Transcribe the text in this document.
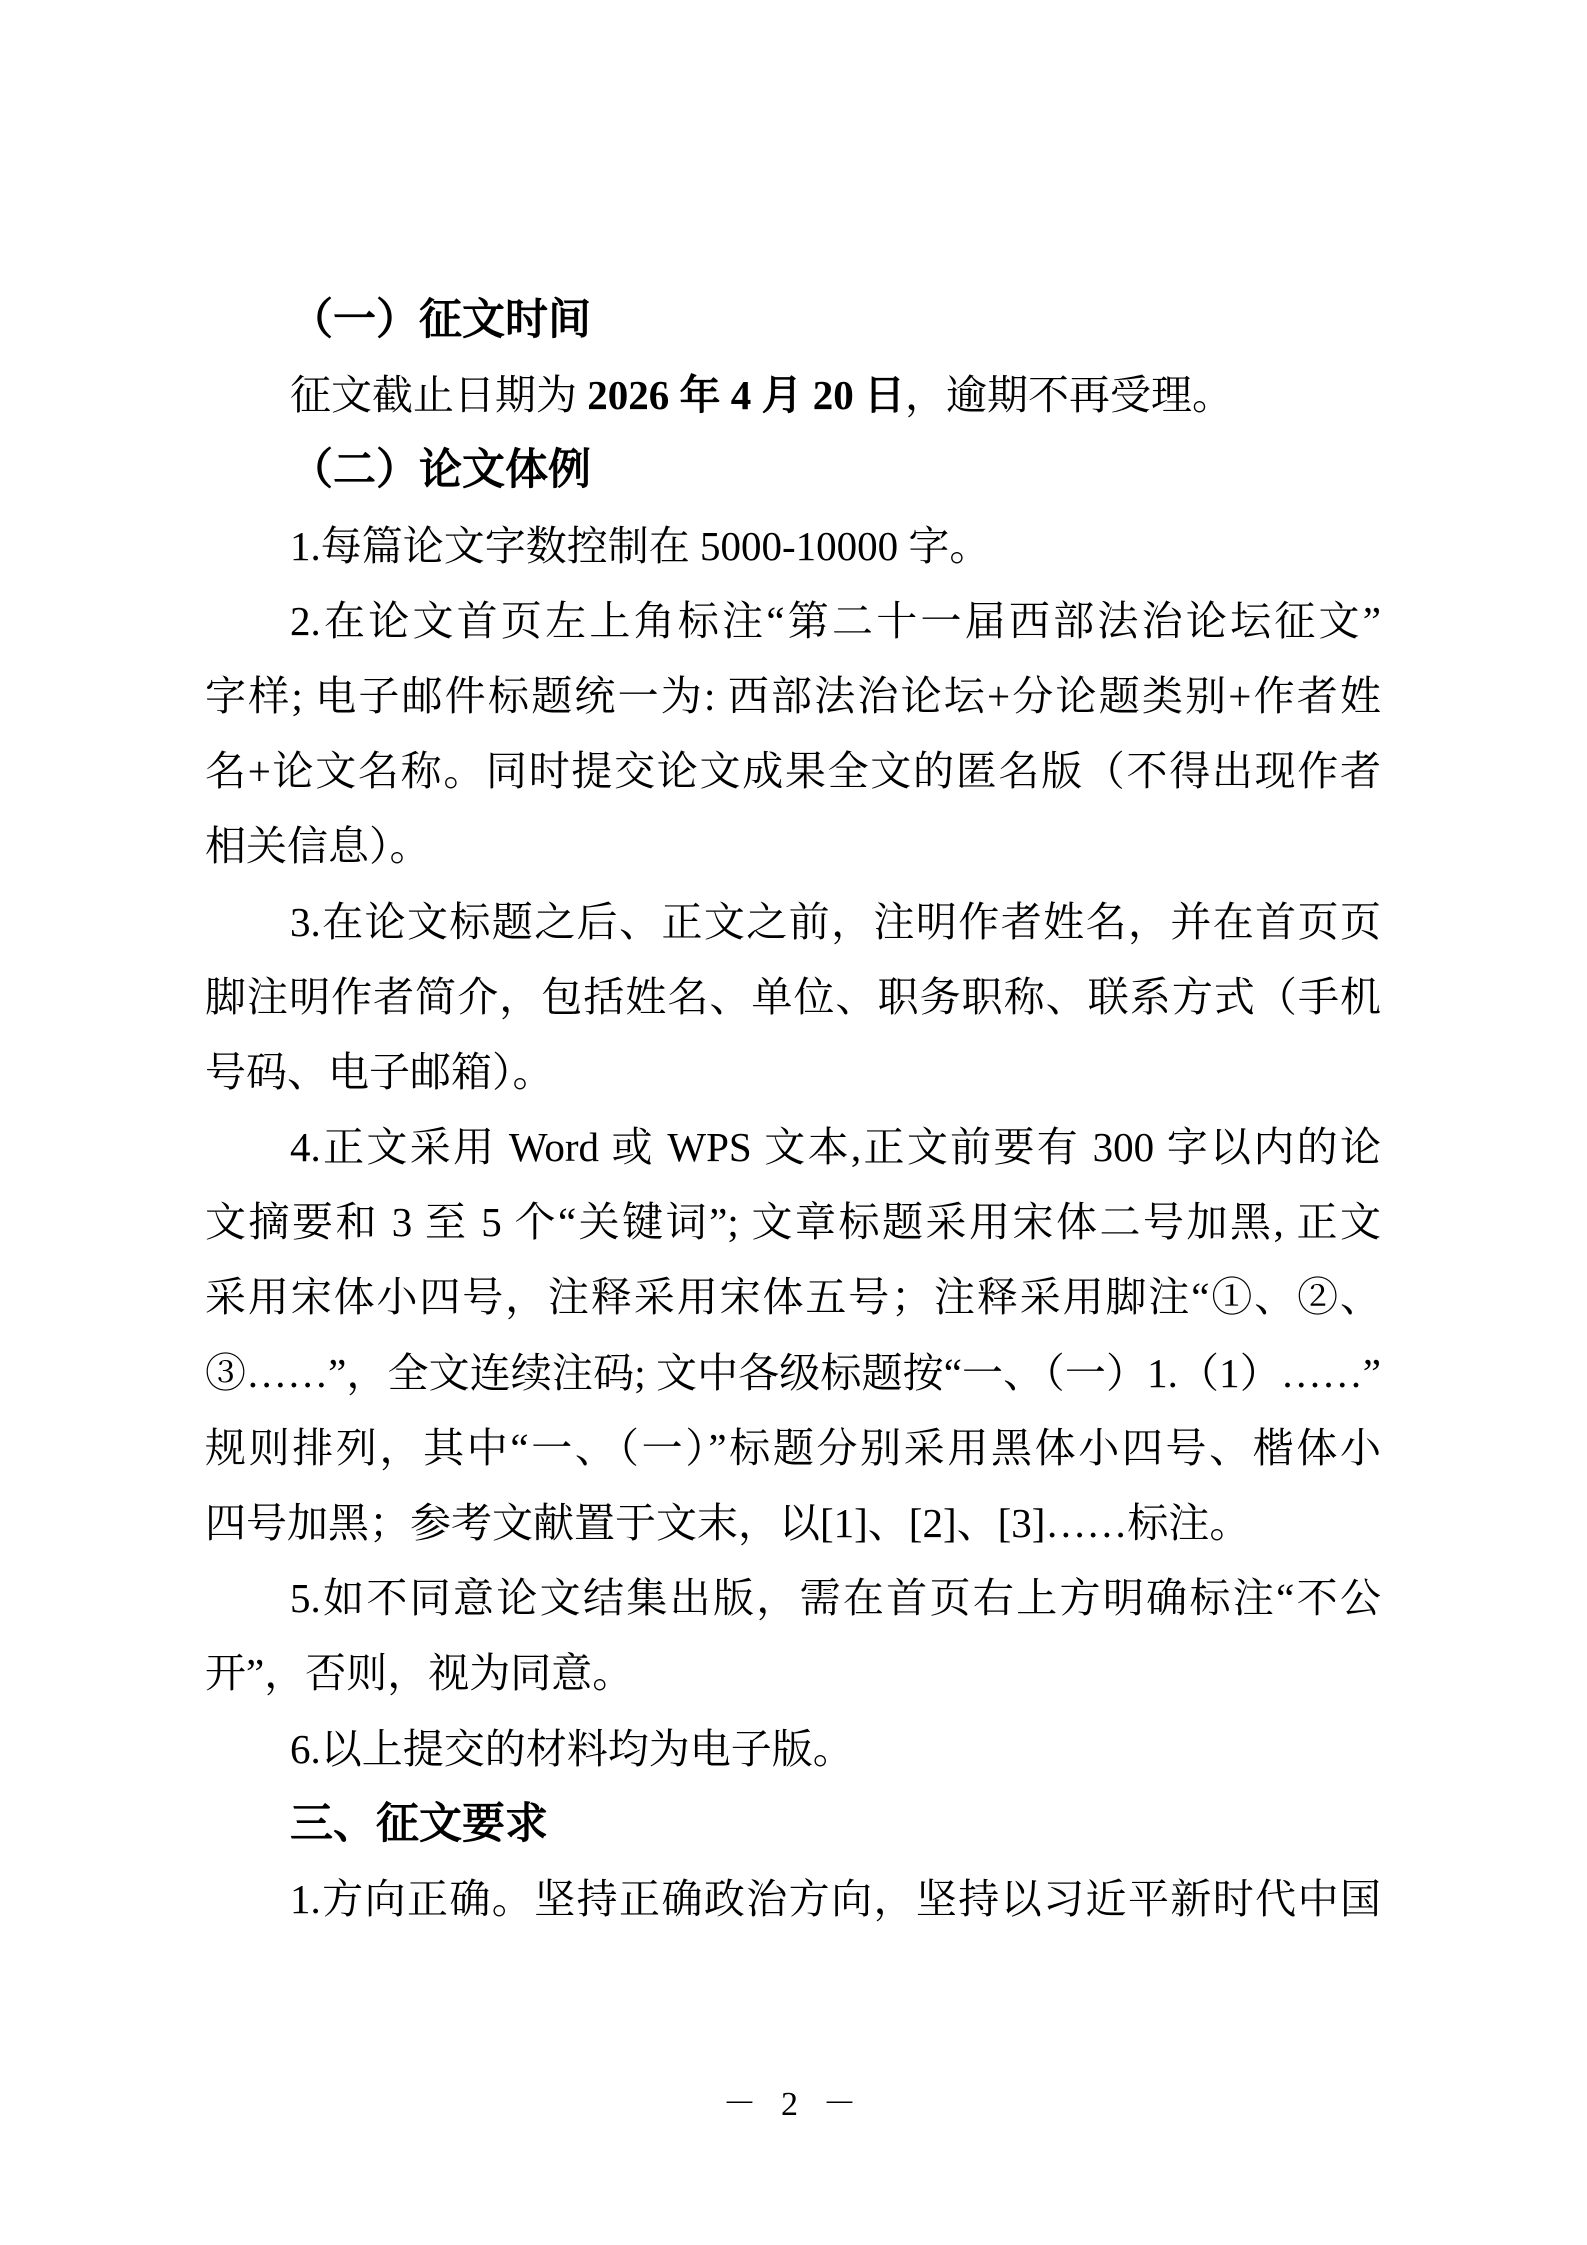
（一）征文时间
征文截止日期为 2026 年 4 月 20 日，逾期不再受理。
（二）论文体例
1.每篇论文字数控制在 5000-10000 字。
2.在论文首页左上角标注“第二十一届西部法治论坛征文”
字样; 电子邮件标题统一为: 西部法治论坛+分论题类别+作者姓
名+论文名称。同时提交论文成果全文的匿名版（不得出现作者
相关信息）。
3.在论文标题之后、正文之前，注明作者姓名，并在首页页
脚注明作者简介，包括姓名、单位、职务职称、联系方式（手机
号码、电子邮箱）。
4.正文采用 Word 或 WPS 文本,正文前要有 300 字以内的论
文摘要和 3 至 5 个“关键词”; 文章标题采用宋体二号加黑, 正文
采用宋体小四号，注释采用宋体五号；注释采用脚注“①、②、
③……”，全文连续注码; 文中各级标题按“一、（一）1.（1）……”
规则排列，其中“一、（一）”标题分别采用黑体小四号、楷体小
四号加黑；参考文献置于文末，以[1]、[2]、[3]……标注。
5.如不同意论文结集出版，需在首页右上方明确标注“不公
开”，否则，视为同意。
6.以上提交的材料均为电子版。
三、征文要求
1.方向正确。坚持正确政治方向，坚持以习近平新时代中国
－ 2 －
